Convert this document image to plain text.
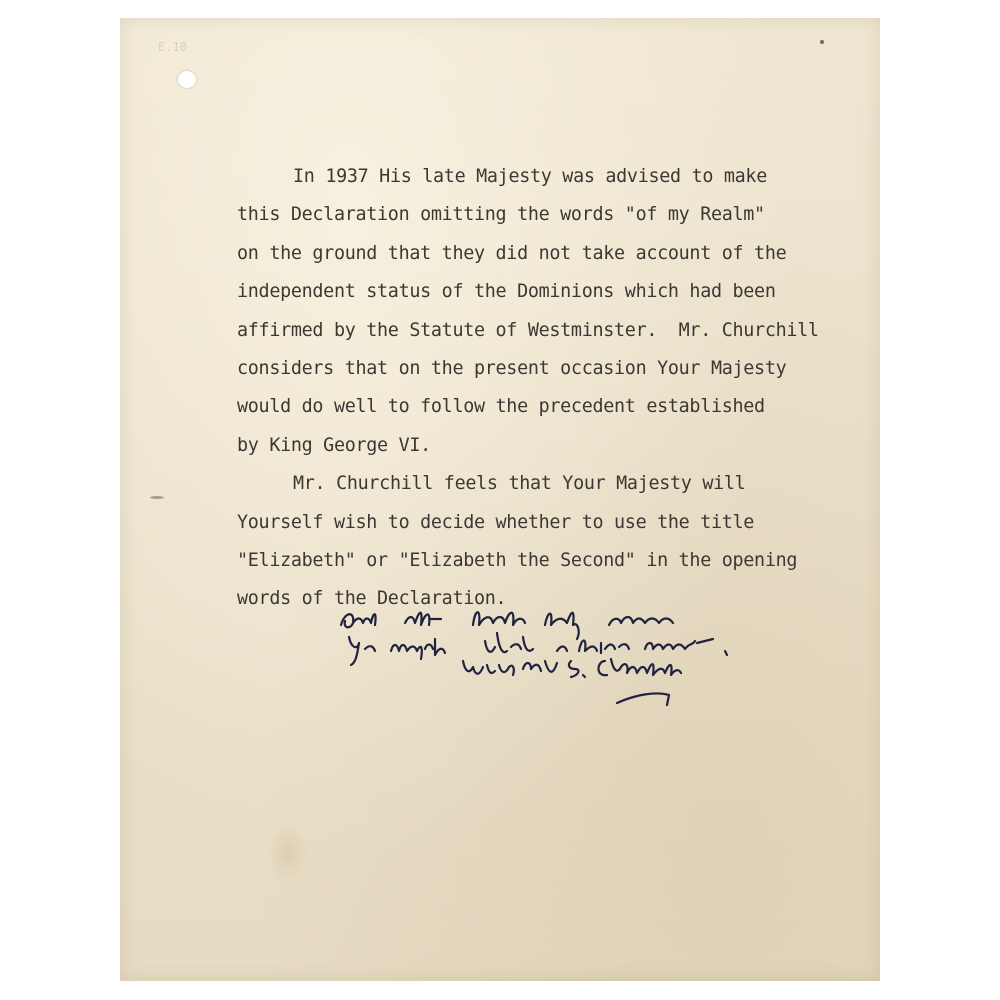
E.10
In 1937 His late Majesty was advised to make
this Declaration omitting the words "of my Realm"
on the ground that they did not take account of the
independent status of the Dominions which had been
affirmed by the Statute of Westminster.  Mr. Churchill
considers that on the present occasion Your Majesty
would do well to follow the precedent established
by King George VI.
Mr. Churchill feels that Your Majesty will
Yourself wish to decide whether to use the title
"Elizabeth" or "Elizabeth the Second" in the opening
words of the Declaration.
